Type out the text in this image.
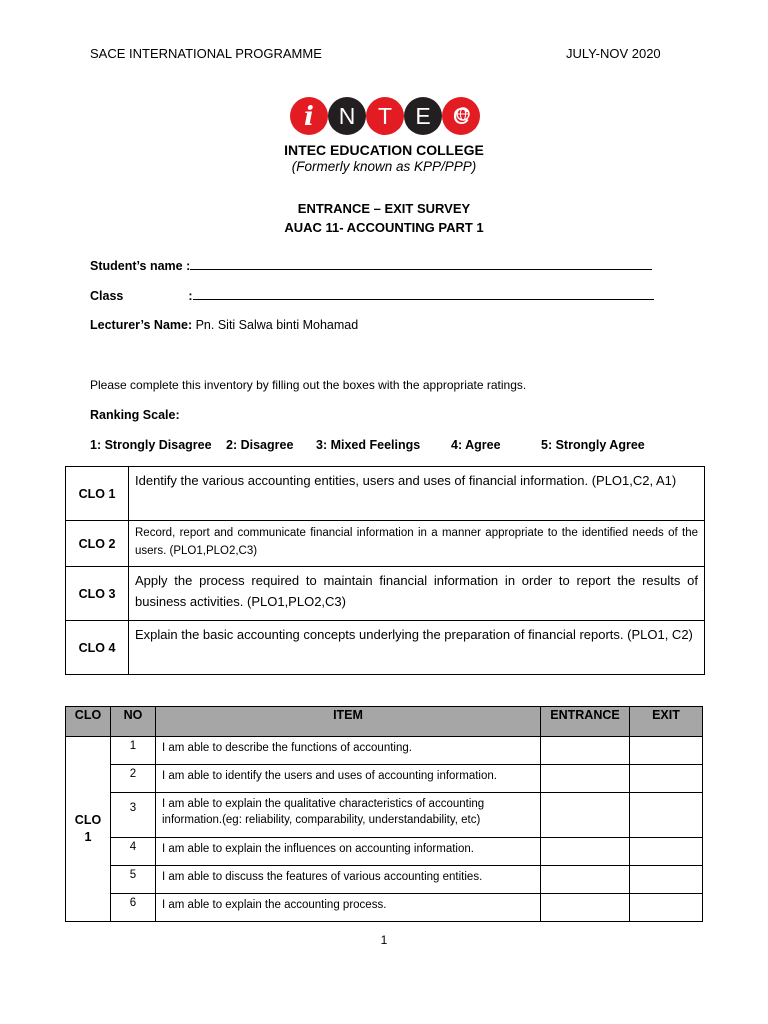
SACE INTERNATIONAL PROGRAMME	JULY-NOV 2020
i N T E C
INTEC EDUCATION COLLEGE
(Formerly known as KPP/PPP)
ENTRANCE – EXIT SURVEY
AUAC 11- ACCOUNTING PART 1
Student’s name :
Class	:
Lecturer’s Name: Pn. Siti Salwa binti Mohamad
Please complete this inventory by filling out the boxes with the appropriate ratings.
Ranking Scale:
1: Strongly Disagree 2: Disagree 3: Mixed Feelings 4: Agree	5: Strongly Agree
CLO 1	Identify the various accounting entities, users and uses of financial information. (PLO1,C2, A1)
CLO 2	Record, report and communicate financial information in a manner appropriate to the identified needs of the users. (PLO1,PLO2,C3)
CLO 3	Apply the process required to maintain financial information in order to report the results of business activities. (PLO1,PLO2,C3)
CLO 4	Explain the basic accounting concepts underlying the preparation of financial reports. (PLO1, C2)
CLO	NO	ITEM	ENTRANCE	EXIT
CLO
1	1	I am able to describe the functions of accounting.		
	2	I am able to identify the users and uses of accounting information.		
	3	I am able to explain the qualitative characteristics of accounting information.(eg: reliability, comparability, understandability, etc)		
	4	I am able to explain the influences on accounting information.		
	5	I am able to discuss the features of various accounting entities.		
	6	I am able to explain the accounting process.		
1
